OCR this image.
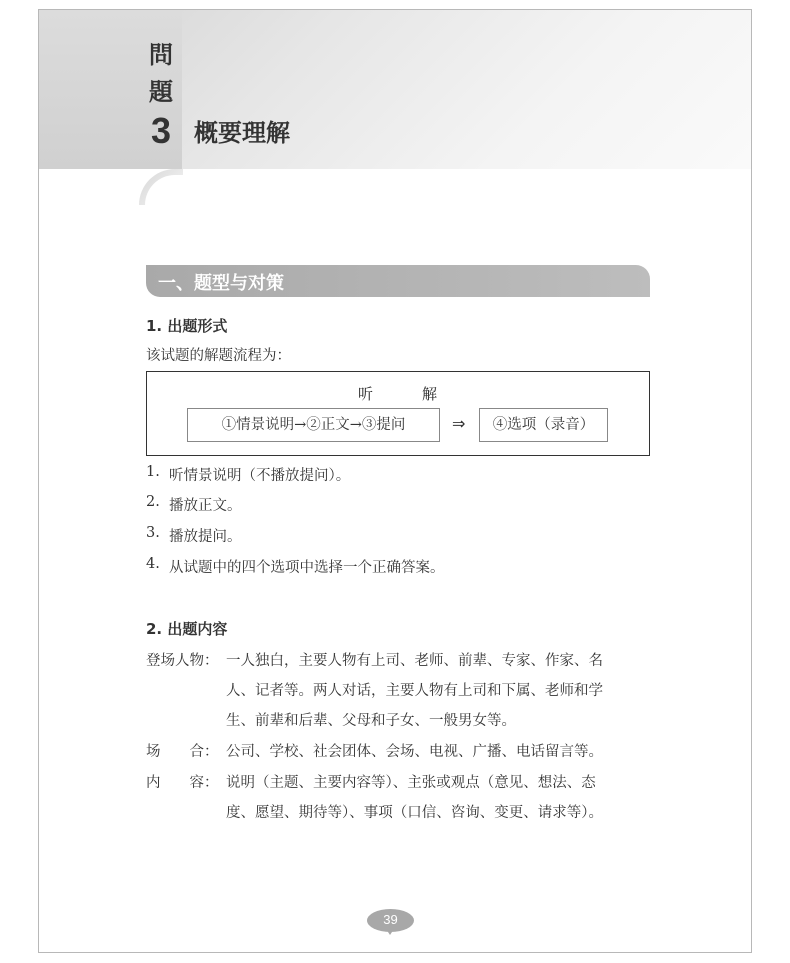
問
題
3 概要理解
一、题型与对策
1. 出题形式
该试题的解题流程为：
听	解
①情景说明→②正文→③提问	⇒	④选项（录音）
1. 听情景说明（不播放提问）。
2. 播放正文。
3. 播放提问。
4. 从试题中的四个选项中选择一个正确答案。
2. 出题内容
登场人物： 一人独白，主要人物有上司、老师、前辈、专家、作家、名
人、记者等。两人对话，主要人物有上司和下属、老师和学
生、前辈和后辈、父母和子女、一般男女等。
场　　合： 公司、学校、社会团体、会场、电视、广播、电话留言等。
内　　容： 说明（主题、主要内容等）、主张或观点（意见、想法、态
度、愿望、期待等）、事项（口信、咨询、变更、请求等）。
39
